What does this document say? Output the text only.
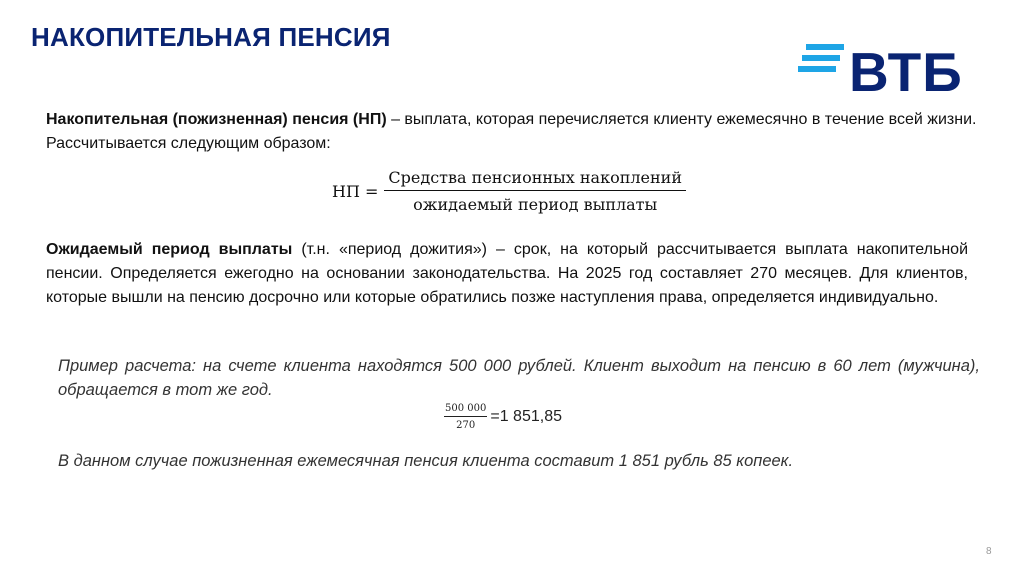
НАКОПИТЕЛЬНАЯ ПЕНСИЯ
ВТБ
Накопительная (пожизненная) пенсия (НП) – выплата, которая перечисляется клиенту ежемесячно в течение всей жизни. Рассчитывается следующим образом:
НП = $\frac{\text{Средства пенсионных накоплений}}{\text{ожидаемый период выплаты}}$
Ожидаемый период выплаты (т.н. «период дожития») – срок, на который рассчитывается выплата накопительной пенсии. Определяется ежегодно на основании законодательства. На 2025 год составляет 270 месяцев. Для клиентов, которые вышли на пенсию досрочно или которые обратились позже наступления права, определяется индивидуально.
Пример расчета: на счете клиента находятся 500 000 рублей. Клиент выходит на пенсию в 60 лет (мужчина), обращается в тот же год.
$\frac{500 000}{270} =1$ 851,85
В данном случае пожизненная ежемесячная пенсия клиента составит 1 851 рубль 85 копеек.
8
